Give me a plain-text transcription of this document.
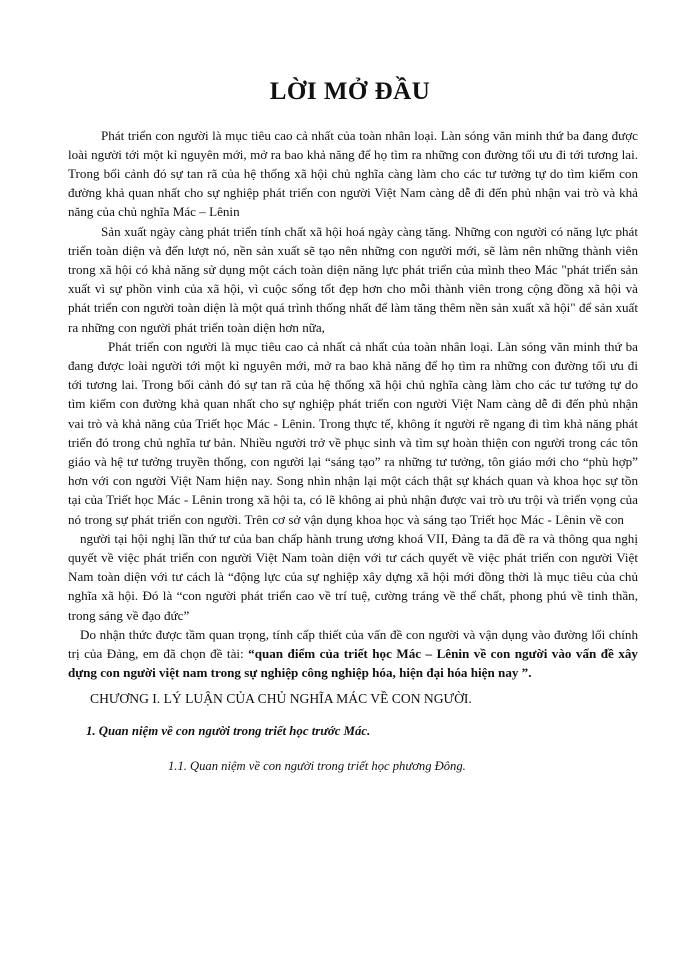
LỜI MỞ ĐẦU

Phát triển con người là mục tiêu cao cả nhất của toàn nhân loại. Làn sóng văn minh thứ ba đang được loài người tới một kỉ nguyên mới, mở ra bao khả năng để họ tìm ra những con đường tối ưu đi tới tương lai. Trong bối cảnh đó sự tan rã của hệ thống xã hội chủ nghĩa càng làm cho các tư tưởng tự do tìm kiếm con đường khả quan nhất cho sự nghiệp phát triển con người Việt Nam càng dễ đi đến phủ nhận vai trò và khả năng của chủ nghĩa Mác – Lênin

Sản xuất ngày càng phát triển tính chất xã hội hoá ngày càng tăng. Những con người có năng lực phát triển toàn diện và đến lượt nó, nền sản xuất sẽ tạo nên những con người mới, sẽ làm nên những thành viên trong xã hội có khả năng sử dụng một cách toàn diện năng lực phát triển của mình theo Mác "phát triển sản xuất vì sự phồn vinh của xã hội, vì cuộc sống tốt đẹp hơn cho mỗi thành viên trong cộng đồng xã hội và phát triển con người toàn diện là một quá trình thống nhất để làm tăng thêm nền sản xuất xã hội" để sản xuất ra những con người phát triển toàn diện hơn nữa,

Phát triển con người là mục tiêu cao cả nhất cả nhất của toàn nhân loại. Làn sóng văn minh thứ ba đang được loài người tới một kỉ nguyên mới, mở ra bao khả năng để họ tìm ra những con đường tối ưu đi tới tương lai. Trong bối cảnh đó sự tan rã của hệ thống xã hội chủ nghĩa càng làm cho các tư tưởng tự do tìm kiếm con đường khả quan nhất cho sự nghiệp phát triển con người Việt Nam càng dễ đi đến phủ nhận vai trò và khả năng của Triết học Mác - Lênin. Trong thực tế, không ít người rẽ ngang đi tìm khả năng phát triển đó trong chủ nghĩa tư bản. Nhiều người trở về phục sinh và tìm sự hoàn thiện con người trong các tôn giáo và hệ tư tưởng truyền thống, con người lại “sáng tạo” ra những tư tưởng, tôn giáo mới cho “phù hợp” hơn với con người Việt Nam hiện nay. Song nhìn nhận lại một cách thật sự khách quan và khoa học sự tồn tại của Triết học Mác - Lênin trong xã hội ta, có lẽ không ai phủ nhận được vai trò ưu trội và triển vọng của nó trong sự phát triển con người. Trên cơ sở vận dụng khoa học và sáng tạo Triết học Mác - Lênin về con

người tại hội nghị lần thứ tư của ban chấp hành trung ương khoá VII, Đảng ta đã đề ra và thông qua nghị quyết về việc phát triển con người Việt Nam toàn diện với tư cách quyết về việc phát triển con người Việt Nam toàn diện với tư cách là “động lực của sự nghiệp xây dựng xã hội mới đồng thời là mục tiêu của chủ nghĩa xã hội. Đó là “con người phát triển cao về trí tuệ, cường tráng về thể chất, phong phú về tinh thần, trong sáng về đạo đức”

Do nhận thức được tầm quan trọng, tính cấp thiết của vấn đề con người và vận dụng vào đường lối chính trị của Đảng, em đã chọn đề tài: “quan điểm của triết học Mác – Lênin về con người vào vấn đề xây dựng con người việt nam trong sự nghiệp công nghiệp hóa, hiện đại hóa hiện nay ”.

CHƯƠNG I. LÝ LUẬN CỦA CHỦ NGHĨA MÁC VỀ CON NGƯỜI.

1. Quan niệm về con người trong triết học trước Mác.

1.1. Quan niệm về con người trong triết học phương Đông.
